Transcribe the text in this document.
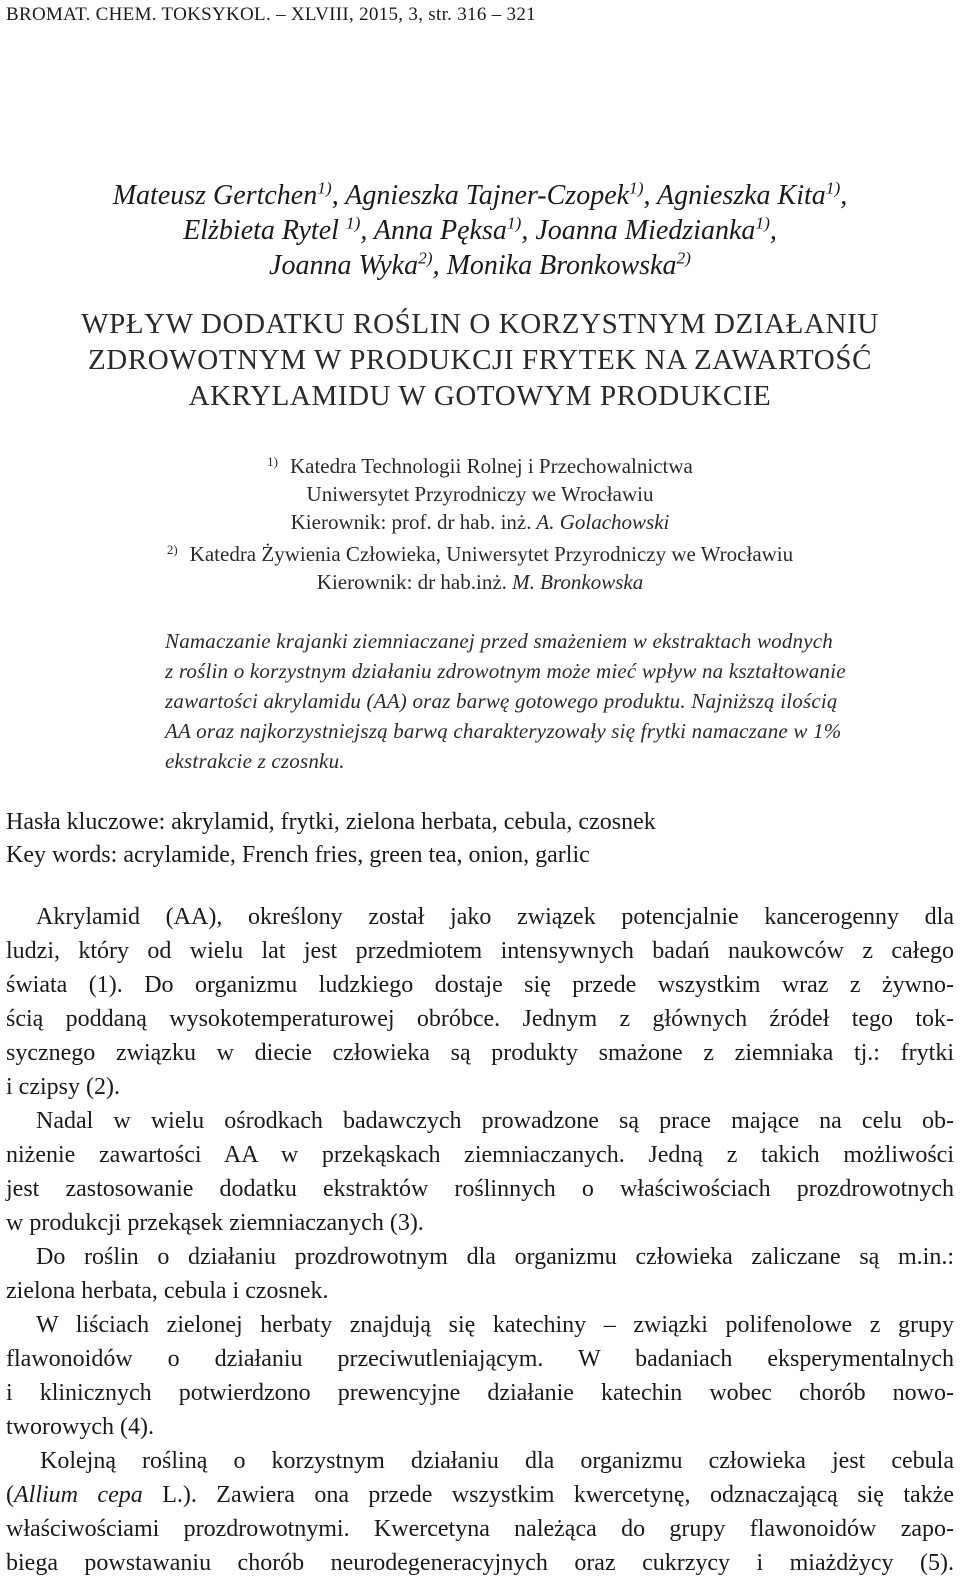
BROMAT. CHEM. TOKSYKOL. – XLVIII, 2015, 3, str. 316 – 321
Mateusz Gertchen$^{1)}$, Agnieszka Tajner-Czopek$^{1)}$, Agnieszka Kita$^{1)}$,
Elżbieta Rytel $^{1)}$, Anna Pęksa$^{1)}$, Joanna Miedzianka$^{1)}$,
Joanna Wyka$^{2)}$, Monika Bronkowska$^{2)}$
WPŁYW DODATKU ROŚLIN O KORZYSTNYM DZIAŁANIU
ZDROWOTNYM W PRODUKCJI FRYTEK NA ZAWARTOŚĆ
AKRYLAMIDU W GOTOWYM PRODUKCIE
$^{1)}$ Katedra Technologii Rolnej i Przechowalnictwa
Uniwersytet Przyrodniczy we Wrocławiu
Kierownik: prof. dr hab. inż. A. Golachowski
$^{2)}$ Katedra Żywienia Człowieka, Uniwersytet Przyrodniczy we Wrocławiu
Kierownik: dr hab.inż. M. Bronkowska
Namaczanie krajanki ziemniaczanej przed smażeniem w ekstraktach wodnych
z roślin o korzystnym działaniu zdrowotnym może mieć wpływ na kształtowanie
zawartości akrylamidu (AA) oraz barwę gotowego produktu. Najniższą ilością
AA oraz najkorzystniejszą barwą charakteryzowały się frytki namaczane w 1%
ekstrakcie z czosnku.
Hasła kluczowe: akrylamid, frytki, zielona herbata, cebula, czosnek
Key words: acrylamide, French fries, green tea, onion, garlic
Akrylamid (AA), określony został jako związek potencjalnie kancerogenny dla
ludzi, który od wielu lat jest przedmiotem intensywnych badań naukowców z całego
świata (1). Do organizmu ludzkiego dostaje się przede wszystkim wraz z żywno-
ścią poddaną wysokotemperaturowej obróbce. Jednym z głównych źródeł tego tok-
sycznego związku w diecie człowieka są produkty smażone z ziemniaka tj.: frytki
i czipsy (2).
Nadal w wielu ośrodkach badawczych prowadzone są prace mające na celu ob-
niżenie zawartości AA w przekąskach ziemniaczanych. Jedną z takich możliwości
jest zastosowanie dodatku ekstraktów roślinnych o właściwościach prozdrowotnych
w produkcji przekąsek ziemniaczanych (3).
Do roślin o działaniu prozdrowotnym dla organizmu człowieka zaliczane są m.in.:
zielona herbata, cebula i czosnek.
W liściach zielonej herbaty znajdują się katechiny – związki polifenolowe z grupy
flawonoidów o działaniu przeciwutleniającym. W badaniach eksperymentalnych
i klinicznych potwierdzono prewencyjne działanie katechin wobec chorób nowo-
tworowych (4).
Kolejną rośliną o korzystnym działaniu dla organizmu człowieka jest cebula
(Allium cepa L.). Zawiera ona przede wszystkim kwercetynę, odznaczającą się także
właściwościami prozdrowotnymi. Kwercetyna należąca do grupy flawonoidów zapo-
biega powstawaniu chorób neurodegeneracyjnych oraz cukrzycy i miażdżycy (5).
